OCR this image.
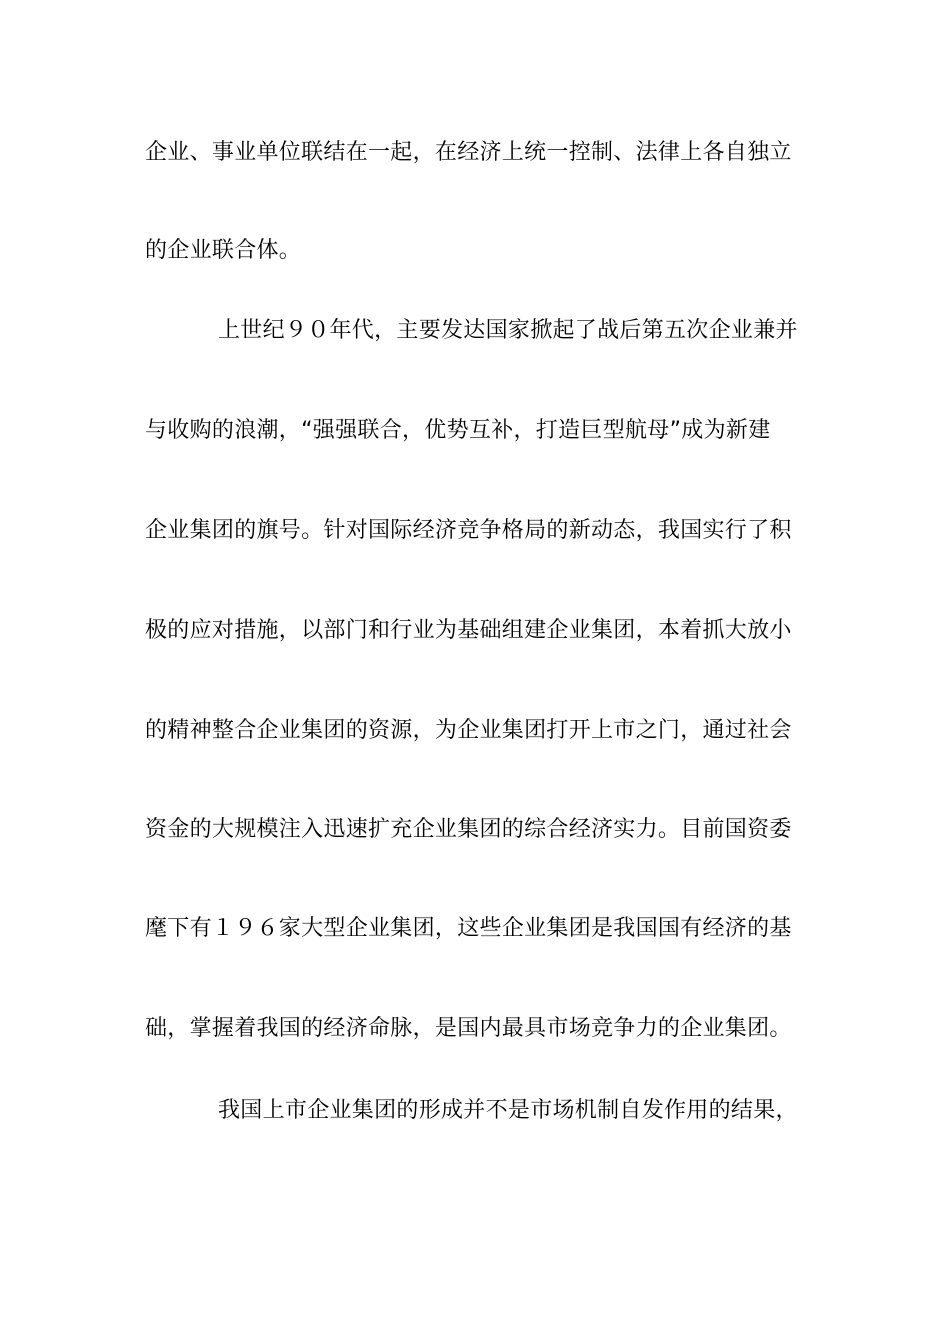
企业、事业单位联结在一起，在经济上统一控制、法律上各自独立
的企业联合体。
上世纪９０年代，主要发达国家掀起了战后第五次企业兼并
与收购的浪潮，“强强联合，优势互补，打造巨型航母”成为新建
企业集团的旗号。针对国际经济竞争格局的新动态，我国实行了积
极的应对措施，以部门和行业为基础组建企业集团，本着抓大放小
的精神整合企业集团的资源，为企业集团打开上市之门，通过社会
资金的大规模注入迅速扩充企业集团的综合经济实力。目前国资委
麾下有１９６家大型企业集团，这些企业集团是我国国有经济的基
础，掌握着我国的经济命脉，是国内最具市场竞争力的企业集团。
我国上市企业集团的形成并不是市场机制自发作用的结果，
